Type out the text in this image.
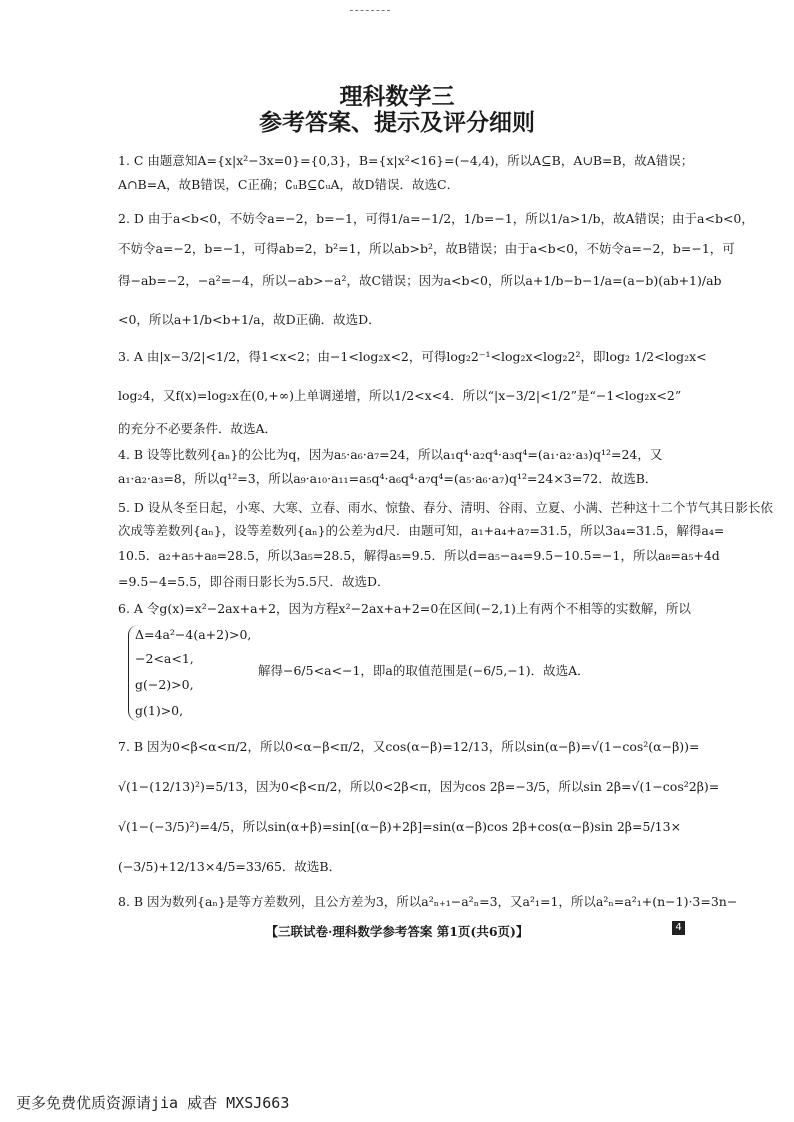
理科数学三
参考答案、提示及评分细则
1. C 由题意知A={x|x²−3x=0}={0,3}，B={x|x²<16}=(−4,4)，所以A⊆B，A∪B=B，故A错误；
A∩B=A，故B错误，C正确；∁ᵤB⊆∁ᵤA，故D错误．故选C．
2. D 由于a<b<0，不妨令a=−2，b=−1，可得1/a=−1/2，1/b=−1，所以1/a>1/b，故A错误；由于a<b<0，
不妨令a=−2，b=−1，可得ab=2，b²=1，所以ab>b²，故B错误；由于a<b<0，不妨令a=−2，b=−1，可
得−ab=−2，−a²=−4，所以−ab>−a²，故C错误；因为a<b<0，所以a+1/b−b−1/a=(a−b)(ab+1)/ab
<0，所以a+1/b<b+1/a，故D正确．故选D．
3. A 由|x−3/2|<1/2，得1<x<2；由−1<log₂x<2，可得log₂2⁻¹<log₂x<log₂2²，即log₂ 1/2<log₂x<
log₂4，又f(x)=log₂x在(0,+∞)上单调递增，所以1/2<x<4．所以“|x−3/2|<1/2”是“−1<log₂x<2”
的充分不必要条件．故选A．
4. B 设等比数列{aₙ}的公比为q，因为a₅·a₆·a₇=24，所以a₁q⁴·a₂q⁴·a₃q⁴=(a₁·a₂·a₃)q¹²=24，又
a₁·a₂·a₃=8，所以q¹²=3，所以a₉·a₁₀·a₁₁=a₅q⁴·a₆q⁴·a₇q⁴=(a₅·a₆·a₇)q¹²=24×3=72．故选B．
5. D 设从冬至日起，小寒、大寒、立春、雨水、惊蛰、春分、清明、谷雨、立夏、小满、芒种这十二个节气其日影长依
次成等差数列{aₙ}，设等差数列{aₙ}的公差为d尺．由题可知，a₁+a₄+a₇=31.5，所以3a₄=31.5，解得a₄=
10.5．a₂+a₅+a₈=28.5，所以3a₅=28.5，解得a₅=9.5．所以d=a₅−a₄=9.5−10.5=−1，所以a₈=a₅+4d
=9.5−4=5.5，即谷雨日影长为5.5尺．故选D．
6. A 令g(x)=x²−2ax+a+2，因为方程x²−2ax+a+2=0在区间(−2,1)上有两个不相等的实数解，所以
Δ=4a²−4(a+2)>0,
−2<a<1,
g(−2)>0,
g(1)>0,
解得−6/5<a<−1，即a的取值范围是(−6/5,−1)．故选A．
7. B 因为0<β<α<π/2，所以0<α−β<π/2，又cos(α−β)=12/13，所以sin(α−β)=√(1−cos²(α−β))=
√(1−(12/13)²)=5/13，因为0<β<π/2，所以0<2β<π，因为cos 2β=−3/5，所以sin 2β=√(1−cos²2β)=
√(1−(−3/5)²)=4/5，所以sin(α+β)=sin[(α−β)+2β]=sin(α−β)cos 2β+cos(α−β)sin 2β=5/13×
(−3/5)+12/13×4/5=33/65．故选B．
8. B 因为数列{aₙ}是等方差数列，且公方差为3，所以a²ₙ₊₁−a²ₙ=3，又a²₁=1，所以a²ₙ=a²₁+(n−1)·3=3n−
【三联试卷·理科数学参考答案 第1页(共6页)】	4
更多免费优质资源请jia 威杳 MXSJ663
